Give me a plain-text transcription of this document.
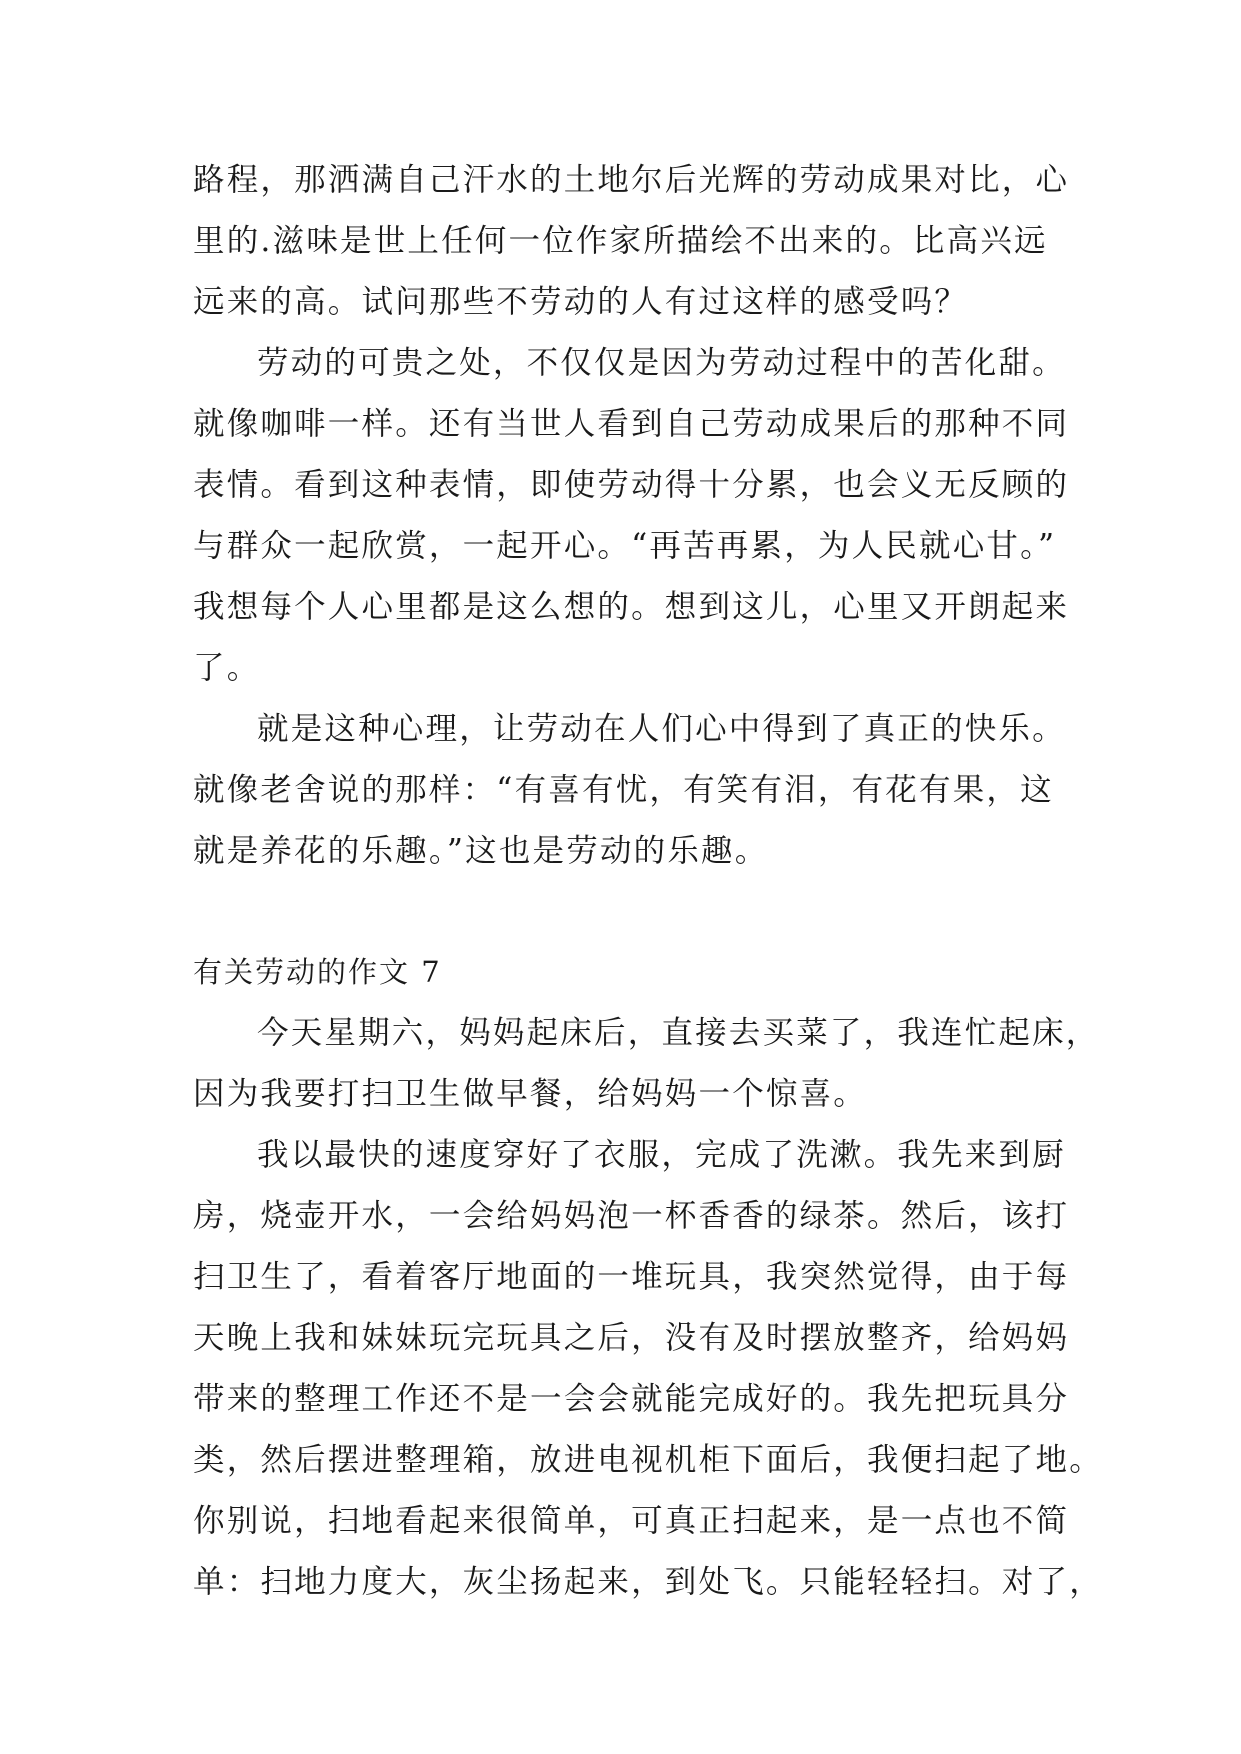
路程，那洒满自己汗水的土地尔后光辉的劳动成果对比，心
里的.滋味是世上任何一位作家所描绘不出来的。比高兴远
远来的高。试问那些不劳动的人有过这样的感受吗？
劳动的可贵之处，不仅仅是因为劳动过程中的苦化甜。
就像咖啡一样。还有当世人看到自己劳动成果后的那种不同
表情。看到这种表情，即使劳动得十分累，也会义无反顾的
与群众一起欣赏，一起开心。“再苦再累，为人民就心甘。”
我想每个人心里都是这么想的。想到这儿，心里又开朗起来
了。
就是这种心理，让劳动在人们心中得到了真正的快乐。
就像老舍说的那样：“有喜有忧，有笑有泪，有花有果，这
就是养花的乐趣。”这也是劳动的乐趣。
有关劳动的作文 7
今天星期六，妈妈起床后，直接去买菜了，我连忙起床，
因为我要打扫卫生做早餐，给妈妈一个惊喜。
我以最快的速度穿好了衣服，完成了洗漱。我先来到厨
房，烧壶开水，一会给妈妈泡一杯香香的绿茶。然后，该打
扫卫生了，看着客厅地面的一堆玩具，我突然觉得，由于每
天晚上我和妹妹玩完玩具之后，没有及时摆放整齐，给妈妈
带来的整理工作还不是一会会就能完成好的。我先把玩具分
类，然后摆进整理箱，放进电视机柜下面后，我便扫起了地。
你别说，扫地看起来很简单，可真正扫起来，是一点也不简
单：扫地力度大，灰尘扬起来，到处飞。只能轻轻扫。对了，
